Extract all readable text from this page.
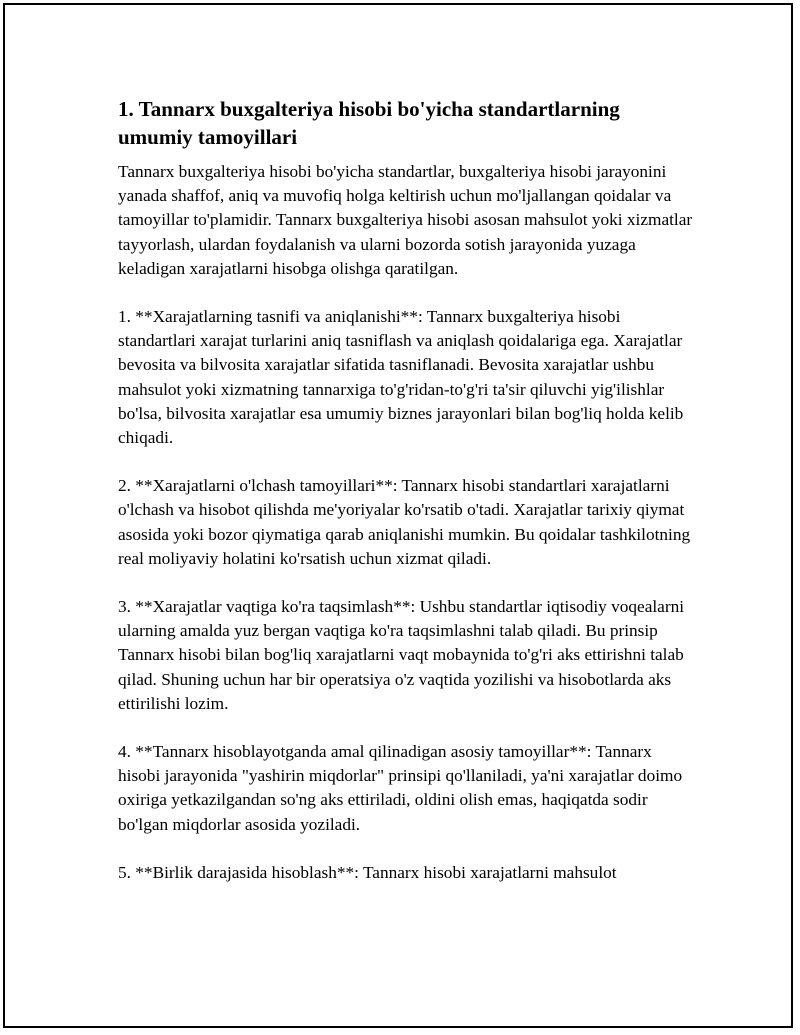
1. Tannarx buxgalteriya hisobi bo'yicha standartlarning umumiy tamoyillari

Tannarx buxgalteriya hisobi bo'yicha standartlar, buxgalteriya hisobi jarayonini yanada shaffof, aniq va muvofiq holga keltirish uchun mo'ljallangan qoidalar va tamoyillar to'plamidir. Tannarx buxgalteriya hisobi asosan mahsulot yoki xizmatlar tayyorlash, ulardan foydalanish va ularni bozorda sotish jarayonida yuzaga keladigan xarajatlarni hisobga olishga qaratilgan.

1. **Xarajatlarning tasnifi va aniqlanishi**: Tannarx buxgalteriya hisobi standartlari xarajat turlarini aniq tasniflash va aniqlash qoidalariga ega. Xarajatlar bevosita va bilvosita xarajatlar sifatida tasniflanadi. Bevosita xarajatlar ushbu mahsulot yoki xizmatning tannarxiga to'g'ridan-to'g'ri ta'sir qiluvchi yig'ilishlar bo'lsa, bilvosita xarajatlar esa umumiy biznes jarayonlari bilan bog'liq holda kelib chiqadi.

2. **Xarajatlarni o'lchash tamoyillari**: Tannarx hisobi standartlari xarajatlarni o'lchash va hisobot qilishda me'yoriyalar ko'rsatib o'tadi. Xarajatlar tarixiy qiymat asosida yoki bozor qiymatiga qarab aniqlanishi mumkin. Bu qoidalar tashkilotning real moliyaviy holatini ko'rsatish uchun xizmat qiladi.

3. **Xarajatlar vaqtiga ko'ra taqsimlash**: Ushbu standartlar iqtisodiy voqealarni ularning amalda yuz bergan vaqtiga ko'ra taqsimlashni talab qiladi. Bu prinsip Tannarx hisobi bilan bog'liq xarajatlarni vaqt mobaynida to'g'ri aks ettirishni talab qilad. Shuning uchun har bir operatsiya o'z vaqtida yozilishi va hisobotlarda aks ettirilishi lozim.

4. **Tannarx hisoblayotganda amal qilinadigan asosiy tamoyillar**: Tannarx hisobi jarayonida "yashirin miqdorlar" prinsipi qo'llaniladi, ya'ni xarajatlar doimo oxiriga yetkazilgandan so'ng aks ettiriladi, oldini olish emas, haqiqatda sodir bo'lgan miqdorlar asosida yoziladi.

5. **Birlik darajasida hisoblash**: Tannarx hisobi xarajatlarni mahsulot
